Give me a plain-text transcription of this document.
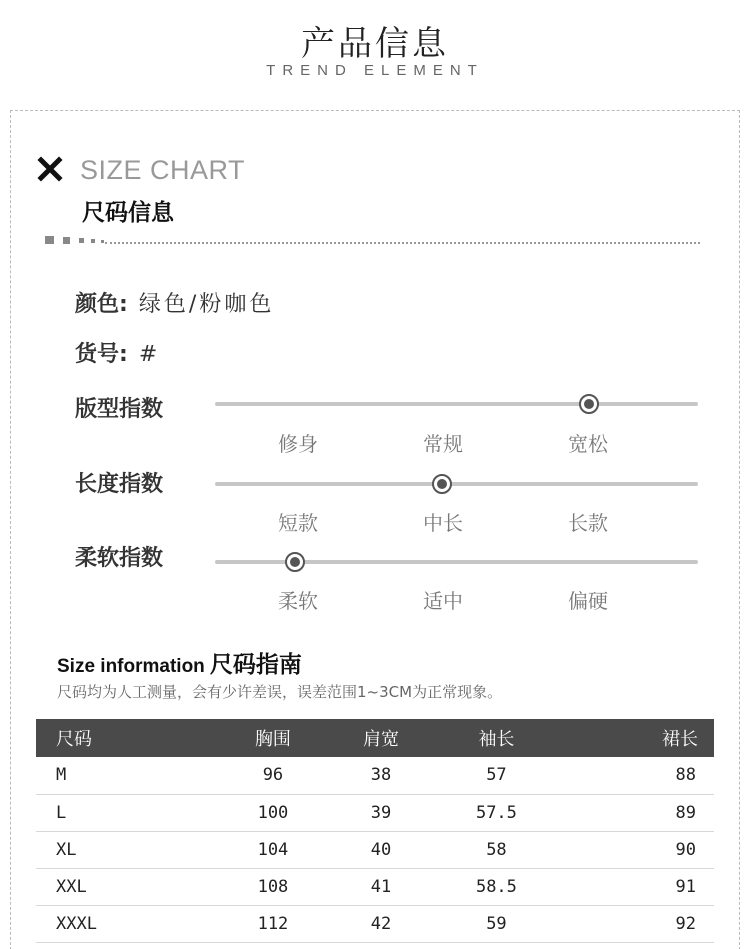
产品信息
TREND ELEMENT
SIZE CHART
尺码信息
颜色: 绿色/粉咖色
货号: #
版型指数
修身	常规	宽松
长度指数
短款	中长	长款
柔软指数
柔软	适中	偏硬
Size information 尺码指南
尺码均为人工测量，会有少许差误，误差范围1~3CM为正常现象。
尺码	胸围	肩宽	袖长	裙长
M	96	38	57	88
L	100	39	57.5	89
XL	104	40	58	90
XXL	108	41	58.5	91
XXXL	112	42	59	92
